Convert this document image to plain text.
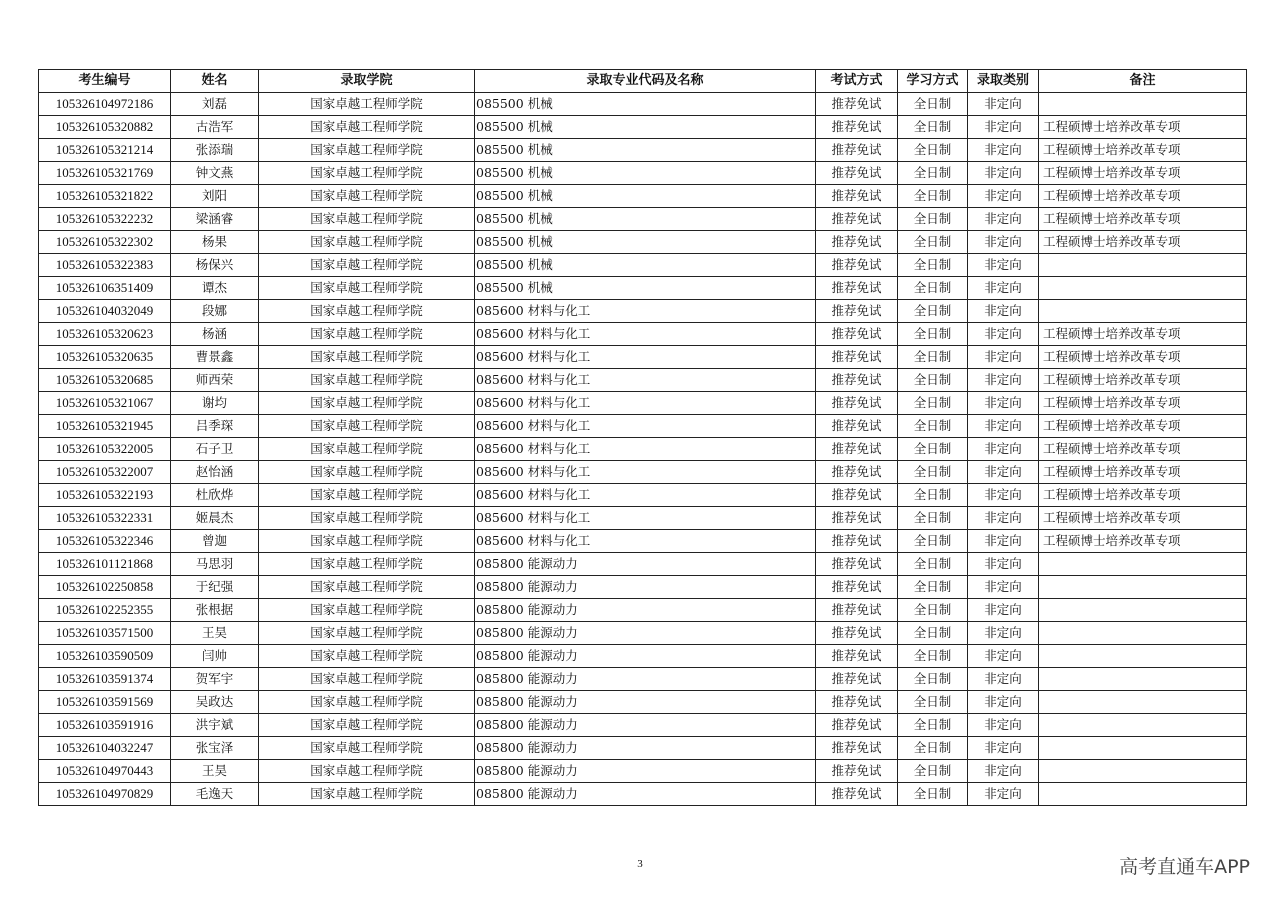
考生编号	姓名	录取学院	录取专业代码及名称	考试方式	学习方式	录取类别	备注
105326104972186	刘磊	国家卓越工程师学院	085500 机械	推荐免试	全日制	非定向	
105326105320882	古浩军	国家卓越工程师学院	085500 机械	推荐免试	全日制	非定向	工程硕博士培养改革专项
105326105321214	张添瑞	国家卓越工程师学院	085500 机械	推荐免试	全日制	非定向	工程硕博士培养改革专项
105326105321769	钟文燕	国家卓越工程师学院	085500 机械	推荐免试	全日制	非定向	工程硕博士培养改革专项
105326105321822	刘阳	国家卓越工程师学院	085500 机械	推荐免试	全日制	非定向	工程硕博士培养改革专项
105326105322232	梁涵睿	国家卓越工程师学院	085500 机械	推荐免试	全日制	非定向	工程硕博士培养改革专项
105326105322302	杨果	国家卓越工程师学院	085500 机械	推荐免试	全日制	非定向	工程硕博士培养改革专项
105326105322383	杨保兴	国家卓越工程师学院	085500 机械	推荐免试	全日制	非定向	
105326106351409	谭杰	国家卓越工程师学院	085500 机械	推荐免试	全日制	非定向	
105326104032049	段娜	国家卓越工程师学院	085600 材料与化工	推荐免试	全日制	非定向	
105326105320623	杨涵	国家卓越工程师学院	085600 材料与化工	推荐免试	全日制	非定向	工程硕博士培养改革专项
105326105320635	曹景鑫	国家卓越工程师学院	085600 材料与化工	推荐免试	全日制	非定向	工程硕博士培养改革专项
105326105320685	师西荣	国家卓越工程师学院	085600 材料与化工	推荐免试	全日制	非定向	工程硕博士培养改革专项
105326105321067	谢均	国家卓越工程师学院	085600 材料与化工	推荐免试	全日制	非定向	工程硕博士培养改革专项
105326105321945	吕季琛	国家卓越工程师学院	085600 材料与化工	推荐免试	全日制	非定向	工程硕博士培养改革专项
105326105322005	石子卫	国家卓越工程师学院	085600 材料与化工	推荐免试	全日制	非定向	工程硕博士培养改革专项
105326105322007	赵怡涵	国家卓越工程师学院	085600 材料与化工	推荐免试	全日制	非定向	工程硕博士培养改革专项
105326105322193	杜欣烨	国家卓越工程师学院	085600 材料与化工	推荐免试	全日制	非定向	工程硕博士培养改革专项
105326105322331	姬晨杰	国家卓越工程师学院	085600 材料与化工	推荐免试	全日制	非定向	工程硕博士培养改革专项
105326105322346	曾迦	国家卓越工程师学院	085600 材料与化工	推荐免试	全日制	非定向	工程硕博士培养改革专项
105326101121868	马思羽	国家卓越工程师学院	085800 能源动力	推荐免试	全日制	非定向	
105326102250858	于纪强	国家卓越工程师学院	085800 能源动力	推荐免试	全日制	非定向	
105326102252355	张根据	国家卓越工程师学院	085800 能源动力	推荐免试	全日制	非定向	
105326103571500	王昊	国家卓越工程师学院	085800 能源动力	推荐免试	全日制	非定向	
105326103590509	闫帅	国家卓越工程师学院	085800 能源动力	推荐免试	全日制	非定向	
105326103591374	贺军宇	国家卓越工程师学院	085800 能源动力	推荐免试	全日制	非定向	
105326103591569	吴政达	国家卓越工程师学院	085800 能源动力	推荐免试	全日制	非定向	
105326103591916	洪宇斌	国家卓越工程师学院	085800 能源动力	推荐免试	全日制	非定向	
105326104032247	张宝泽	国家卓越工程师学院	085800 能源动力	推荐免试	全日制	非定向	
105326104970443	王昊	国家卓越工程师学院	085800 能源动力	推荐免试	全日制	非定向	
105326104970829	毛逸天	国家卓越工程师学院	085800 能源动力	推荐免试	全日制	非定向	
3	高考直通车APP
